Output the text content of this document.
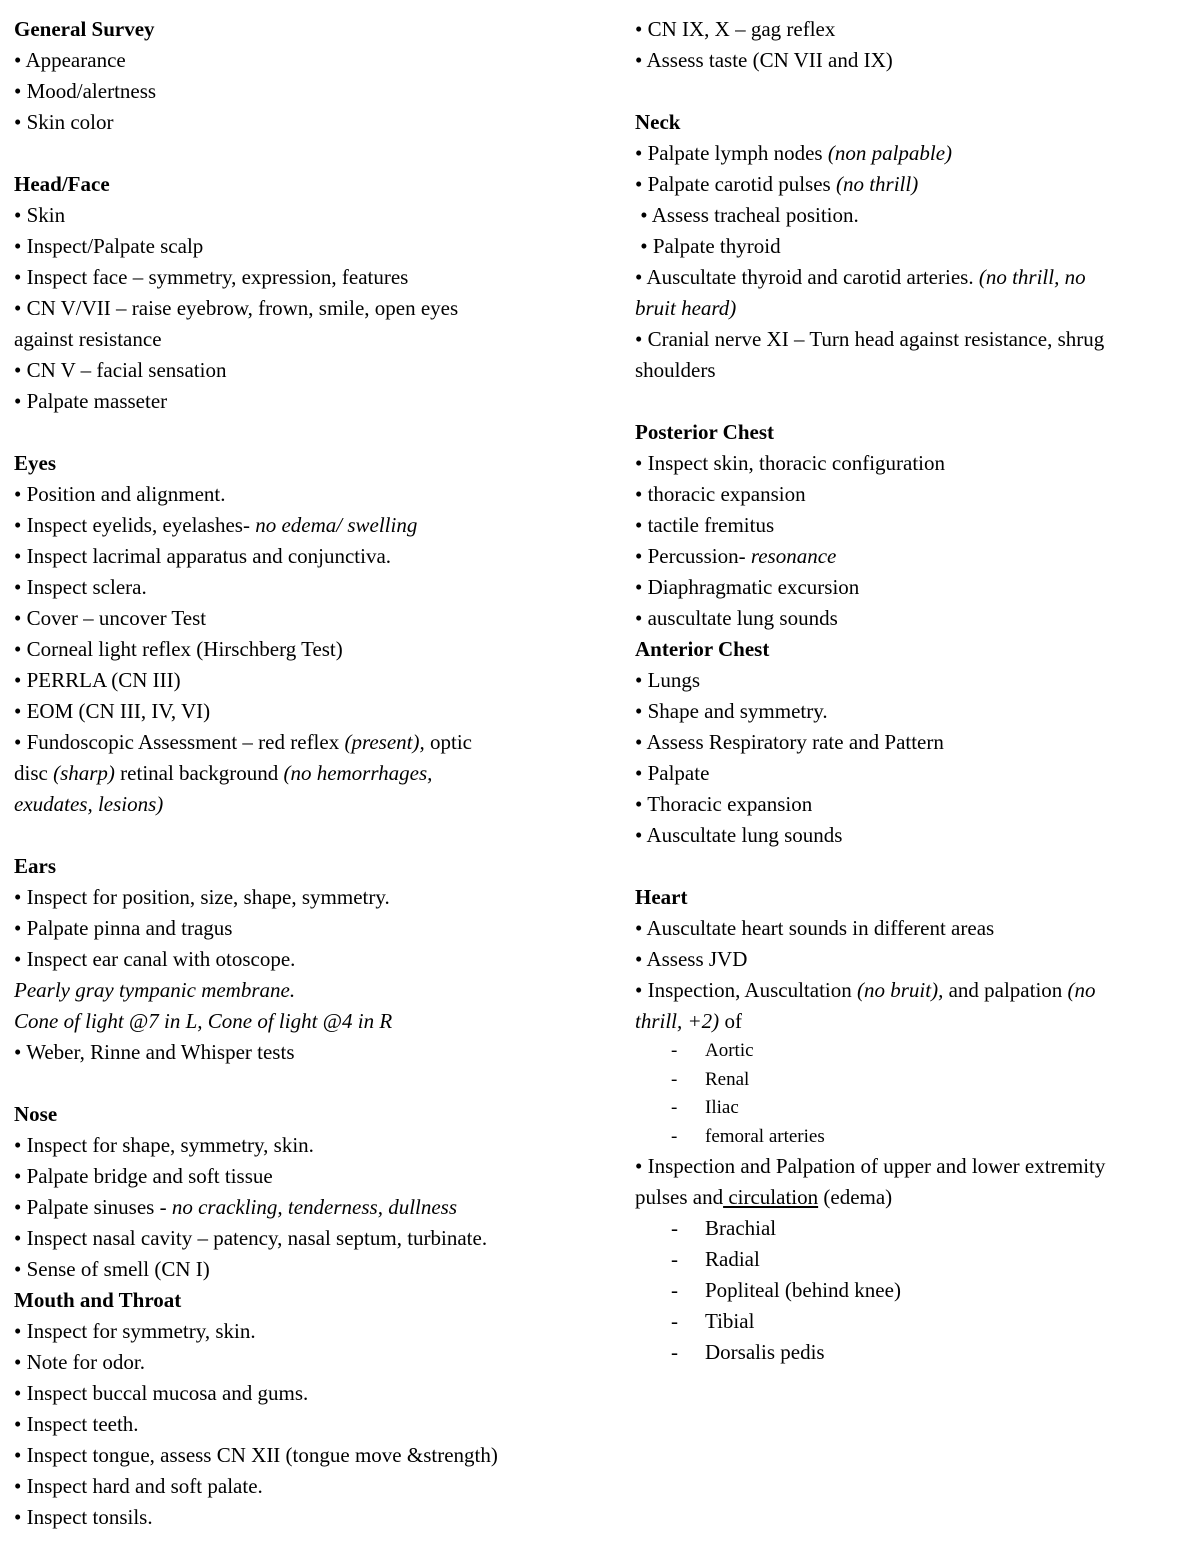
General Survey
• Appearance
• Mood/alertness
• Skin color
Head/Face
• Skin
• Inspect/Palpate scalp
• Inspect face – symmetry, expression, features
• CN V/VII – raise eyebrow, frown, smile, open eyes
against resistance
• CN V – facial sensation
• Palpate masseter
Eyes
• Position and alignment.
• Inspect eyelids, eyelashes- no edema/ swelling
• Inspect lacrimal apparatus and conjunctiva.
• Inspect sclera.
• Cover – uncover Test
• Corneal light reflex (Hirschberg Test)
• PERRLA (CN III)
• EOM (CN III, IV, VI)
• Fundoscopic Assessment – red reflex (present), optic
disc (sharp) retinal background (no hemorrhages,
exudates, lesions)
Ears
• Inspect for position, size, shape, symmetry.
• Palpate pinna and tragus
• Inspect ear canal with otoscope.
Pearly gray tympanic membrane.
Cone of light @7 in L, Cone of light @4 in R
• Weber, Rinne and Whisper tests
Nose
• Inspect for shape, symmetry, skin.
• Palpate bridge and soft tissue
• Palpate sinuses - no crackling, tenderness, dullness
• Inspect nasal cavity – patency, nasal septum, turbinate.
• Sense of smell (CN I)
Mouth and Throat
• Inspect for symmetry, skin.
• Note for odor.
• Inspect buccal mucosa and gums.
• Inspect teeth.
• Inspect tongue, assess CN XII (tongue move &strength)
• Inspect hard and soft palate.
• Inspect tonsils.
• CN IX, X – gag reflex
• Assess taste (CN VII and IX)
Neck
• Palpate lymph nodes (non palpable)
• Palpate carotid pulses (no thrill)
• Assess tracheal position.
• Palpate thyroid
• Auscultate thyroid and carotid arteries. (no thrill, no
bruit heard)
• Cranial nerve XI – Turn head against resistance, shrug
shoulders
Posterior Chest
• Inspect skin, thoracic configuration
• thoracic expansion
• tactile fremitus
• Percussion- resonance
• Diaphragmatic excursion
• auscultate lung sounds
Anterior Chest
• Lungs
• Shape and symmetry.
• Assess Respiratory rate and Pattern
• Palpate
• Thoracic expansion
• Auscultate lung sounds
Heart
• Auscultate heart sounds in different areas
• Assess JVD
• Inspection, Auscultation (no bruit), and palpation (no
thrill, +2) of
- Aortic
- Renal
- Iliac
- femoral arteries
• Inspection and Palpation of upper and lower extremity
pulses and circulation (edema)
- Brachial
- Radial
- Popliteal (behind knee)
- Tibial
- Dorsalis pedis
